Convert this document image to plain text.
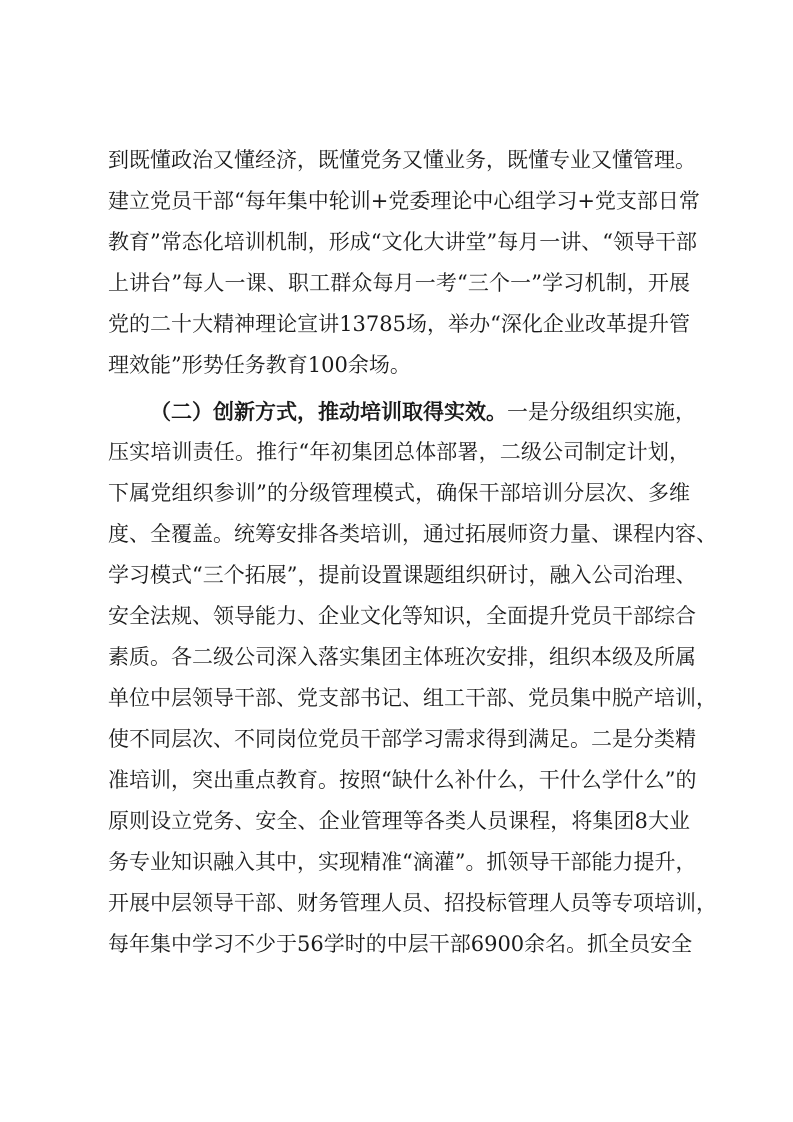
到既懂政治又懂经济，既懂党务又懂业务，既懂专业又懂管理。
建立党员干部“每年集中轮训+党委理论中心组学习+党支部日常
教育”常态化培训机制，形成“文化大讲堂”每月一讲、“领导干部
上讲台”每人一课、职工群众每月一考“三个一”学习机制，开展
党的二十大精神理论宣讲13785场，举办“深化企业改革提升管
理效能”形势任务教育100余场。
（二）创新方式，推动培训取得实效。一是分级组织实施，
压实培训责任。推行“年初集团总体部署，二级公司制定计划，
下属党组织参训”的分级管理模式，确保干部培训分层次、多维
度、全覆盖。统筹安排各类培训，通过拓展师资力量、课程内容、
学习模式“三个拓展”，提前设置课题组织研讨，融入公司治理、
安全法规、领导能力、企业文化等知识，全面提升党员干部综合
素质。各二级公司深入落实集团主体班次安排，组织本级及所属
单位中层领导干部、党支部书记、组工干部、党员集中脱产培训，
使不同层次、不同岗位党员干部学习需求得到满足。二是分类精
准培训，突出重点教育。按照“缺什么补什么，干什么学什么”的
原则设立党务、安全、企业管理等各类人员课程，将集团8大业
务专业知识融入其中，实现精准“滴灌”。抓领导干部能力提升，
开展中层领导干部、财务管理人员、招投标管理人员等专项培训，
每年集中学习不少于56学时的中层干部6900余名。抓全员安全
